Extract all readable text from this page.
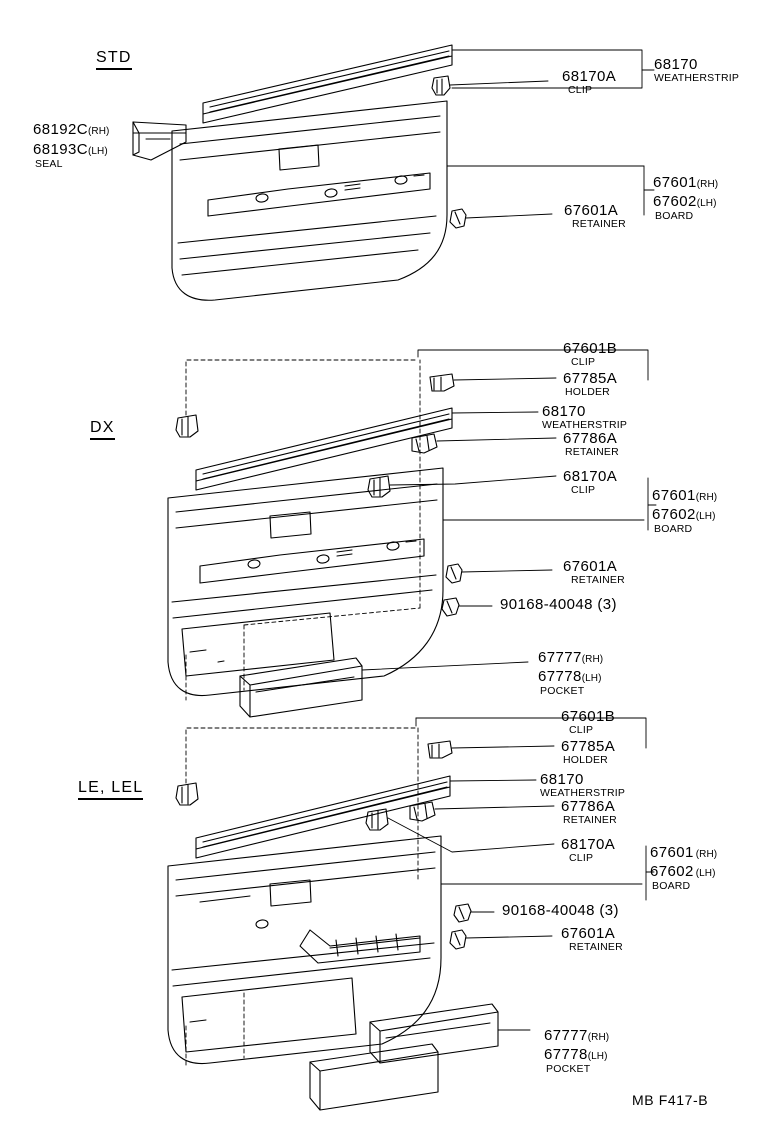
STD	68170
WEATHERSTRIP
68170A
CLIP
68192C(RH)
68193C(LH)
SEAL
67601(RH)
67602(LH)
BOARD
67601A
RETAINER
DX
67601B
CLIP
67785A
HOLDER
68170
WEATHERSTRIP
67786A
RETAINER
68170A
CLIP	67601(RH)
67602(LH)
BOARD
67601A
RETAINER
90168-40048 (3)
67777(RH)
67778(LH)
POCKET
LE, LEL
67601B
CLIP
67785A
HOLDER
68170
WEATHERSTRIP
67786A
RETAINER
68170A
CLIP	67601 (RH)
67602 (LH)
BOARD
90168-40048 (3)
67601A
RETAINER
67777(RH)
67778(LH)
POCKET
MB F417-B
